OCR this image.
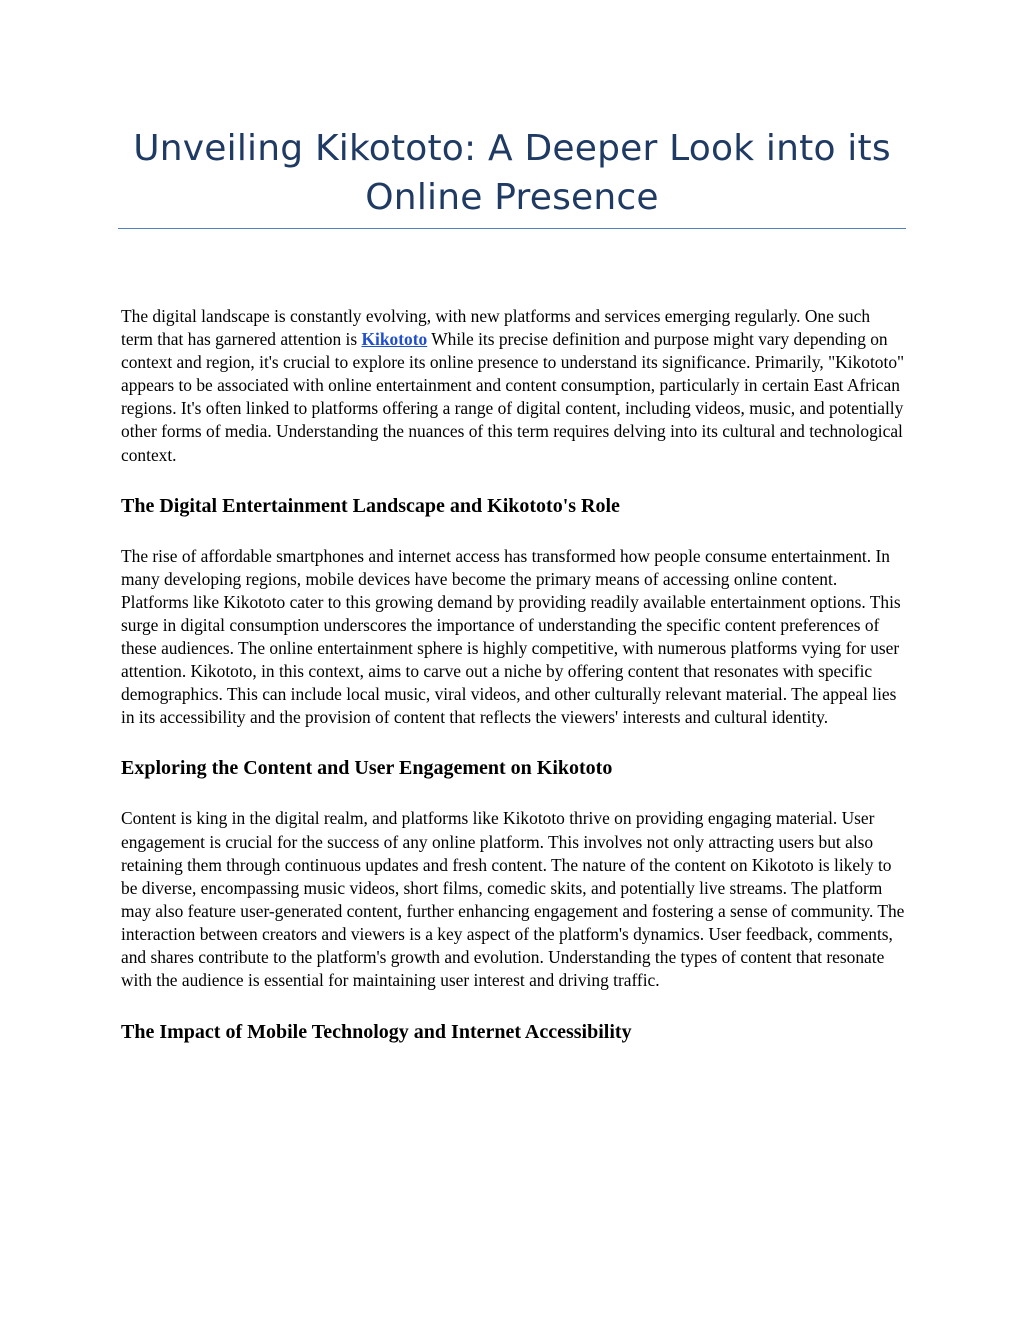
Unveiling Kikototo: A Deeper Look into its Online Presence

The digital landscape is constantly evolving, with new platforms and services emerging regularly. One such term that has garnered attention is Kikototo While its precise definition and purpose might vary depending on context and region, it's crucial to explore its online presence to understand its significance. Primarily, "Kikototo" appears to be associated with online entertainment and content consumption, particularly in certain East African regions. It's often linked to platforms offering a range of digital content, including videos, music, and potentially other forms of media. Understanding the nuances of this term requires delving into its cultural and technological context.

The Digital Entertainment Landscape and Kikototo's Role

The rise of affordable smartphones and internet access has transformed how people consume entertainment. In many developing regions, mobile devices have become the primary means of accessing online content. Platforms like Kikototo cater to this growing demand by providing readily available entertainment options. This surge in digital consumption underscores the importance of understanding the specific content preferences of these audiences. The online entertainment sphere is highly competitive, with numerous platforms vying for user attention. Kikototo, in this context, aims to carve out a niche by offering content that resonates with specific demographics. This can include local music, viral videos, and other culturally relevant material. The appeal lies in its accessibility and the provision of content that reflects the viewers' interests and cultural identity.

Exploring the Content and User Engagement on Kikototo

Content is king in the digital realm, and platforms like Kikototo thrive on providing engaging material. User engagement is crucial for the success of any online platform. This involves not only attracting users but also retaining them through continuous updates and fresh content. The nature of the content on Kikototo is likely to be diverse, encompassing music videos, short films, comedic skits, and potentially live streams. The platform may also feature user-generated content, further enhancing engagement and fostering a sense of community. The interaction between creators and viewers is a key aspect of the platform's dynamics. User feedback, comments, and shares contribute to the platform's growth and evolution. Understanding the types of content that resonate with the audience is essential for maintaining user interest and driving traffic.

The Impact of Mobile Technology and Internet Accessibility
